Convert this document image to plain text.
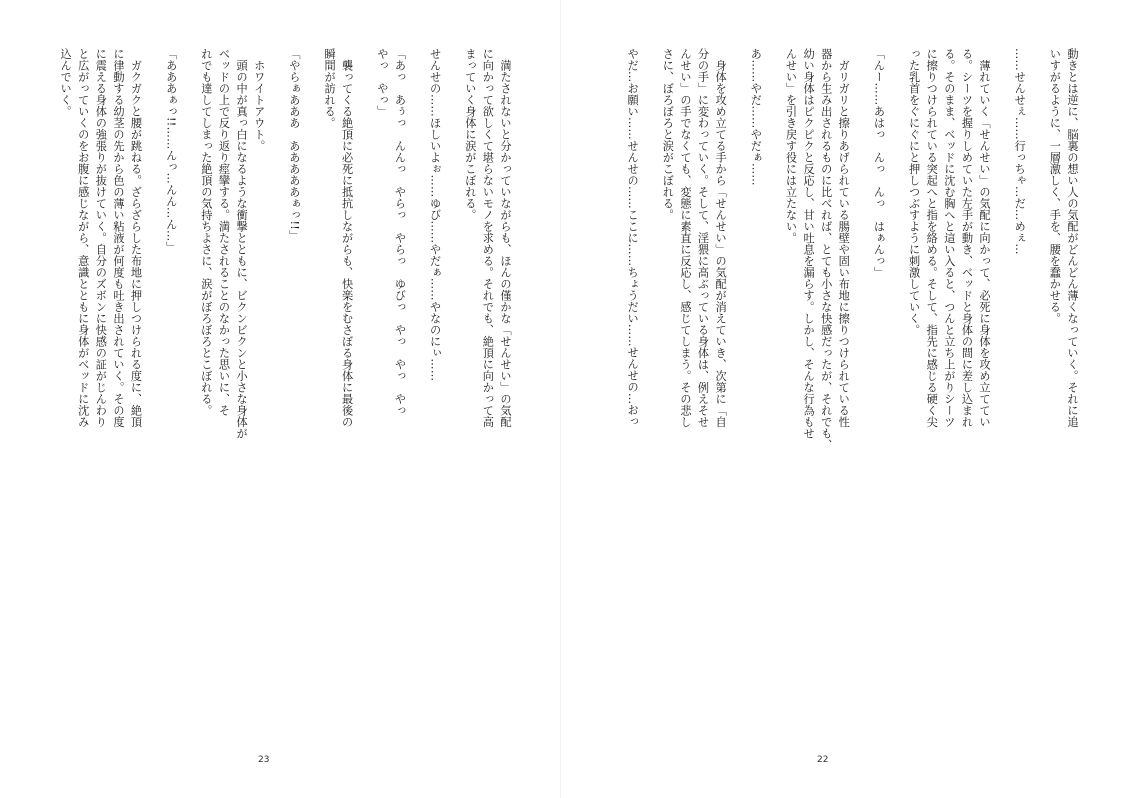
動きとは逆に、脳裏の想い人の気配がどんどん薄くなっていく。それに追

いすがるように、一層激しく、手を、腰を蠢かせる。

……せんせぇ……行っちゃ…だ…めぇ…

　薄れていく「せんせい」の気配に向かって、必死に身体を攻め立ててい

る。シーツを握りしめていた左手が動き、ベッドと身体の間に差し込まれ

る。そのまま、ベッドに沈む胸へと這い入ると、つんと立ち上がりシーツ

に擦りつけられている突起へと指を絡める。そして、指先に感じる硬く尖

った乳首をぐにぐにと押しつぶすように刺激していく。

「んー……あはっ　んっ　んっ　はぁんっ」

　ガリガリと擦りあげられている腸壁や固い布地に擦りつけられている性

器から生み出されるものに比べれば、とても小さな快感だったが、それでも、

幼い身体はピクピクと反応し、甘い吐息を漏らす。しかし、そんな行為もせ

んせい」を引き戻す役には立たない。

あ……やだ……やだぁ……

　身体を攻め立てる手から「せんせい」の気配が消えていき、次第に「自

分の手」に変わっていく。そして、淫猥に高ぶっている身体は、例えそせ

んせい」の手でなくても、変態に素直に反応し、感じてしまう。その悲し

さに、ぼろぼろと涙がこぼれる。

やだ…お願い……せんせの……ここに……ちょうだい……せんせの…おっ

22

　満たされないと分かっていながらも、ほんの僅かな「せんせい」の気配

に向かって欲しくて堪らないモノを求める。それでも、絶頂に向かって高

まっていく身体に涙がこぼれる。

せんせの……ほしいよぉ……ゆび……やだぁ……やなのにぃ……

「あっ　あぅっ　んんっ　やらっ　やらっ　ゆびっ　やっ　やっ　やっ

やっ　やっ」

　襲ってくる絶頂に必死に抵抗しながらも、快楽をむさぼる身体に最後の

瞬間が訪れる。

「やらぁあああ　あああああぁっ!!」

　ホワイトアウト。

　頭の中が真っ白になるような衝撃とともに、ビクンビクンと小さな身体が

ベッドの上で反り返り痙攣する。満たされることのなかった思いに、そ

れでも達してしまった絶頂の気持ちよさに、涙がぼろぼろとこぼれる。

「あああぁっ!!……んっ…んん…ん…」

　ガクガクと腰が跳ねる。ざらざらした布地に押しつけられる度に、絶頂

に律動する幼茎の先から色の薄い粘液が何度も吐き出されていく。その度

に震える身体の強張りが抜けていく。自分のズボンに快感の証がじんわり

と広がっていくのをお腹に感じながら、意識とともに身体がベッドに沈み

込んでいく。

23
